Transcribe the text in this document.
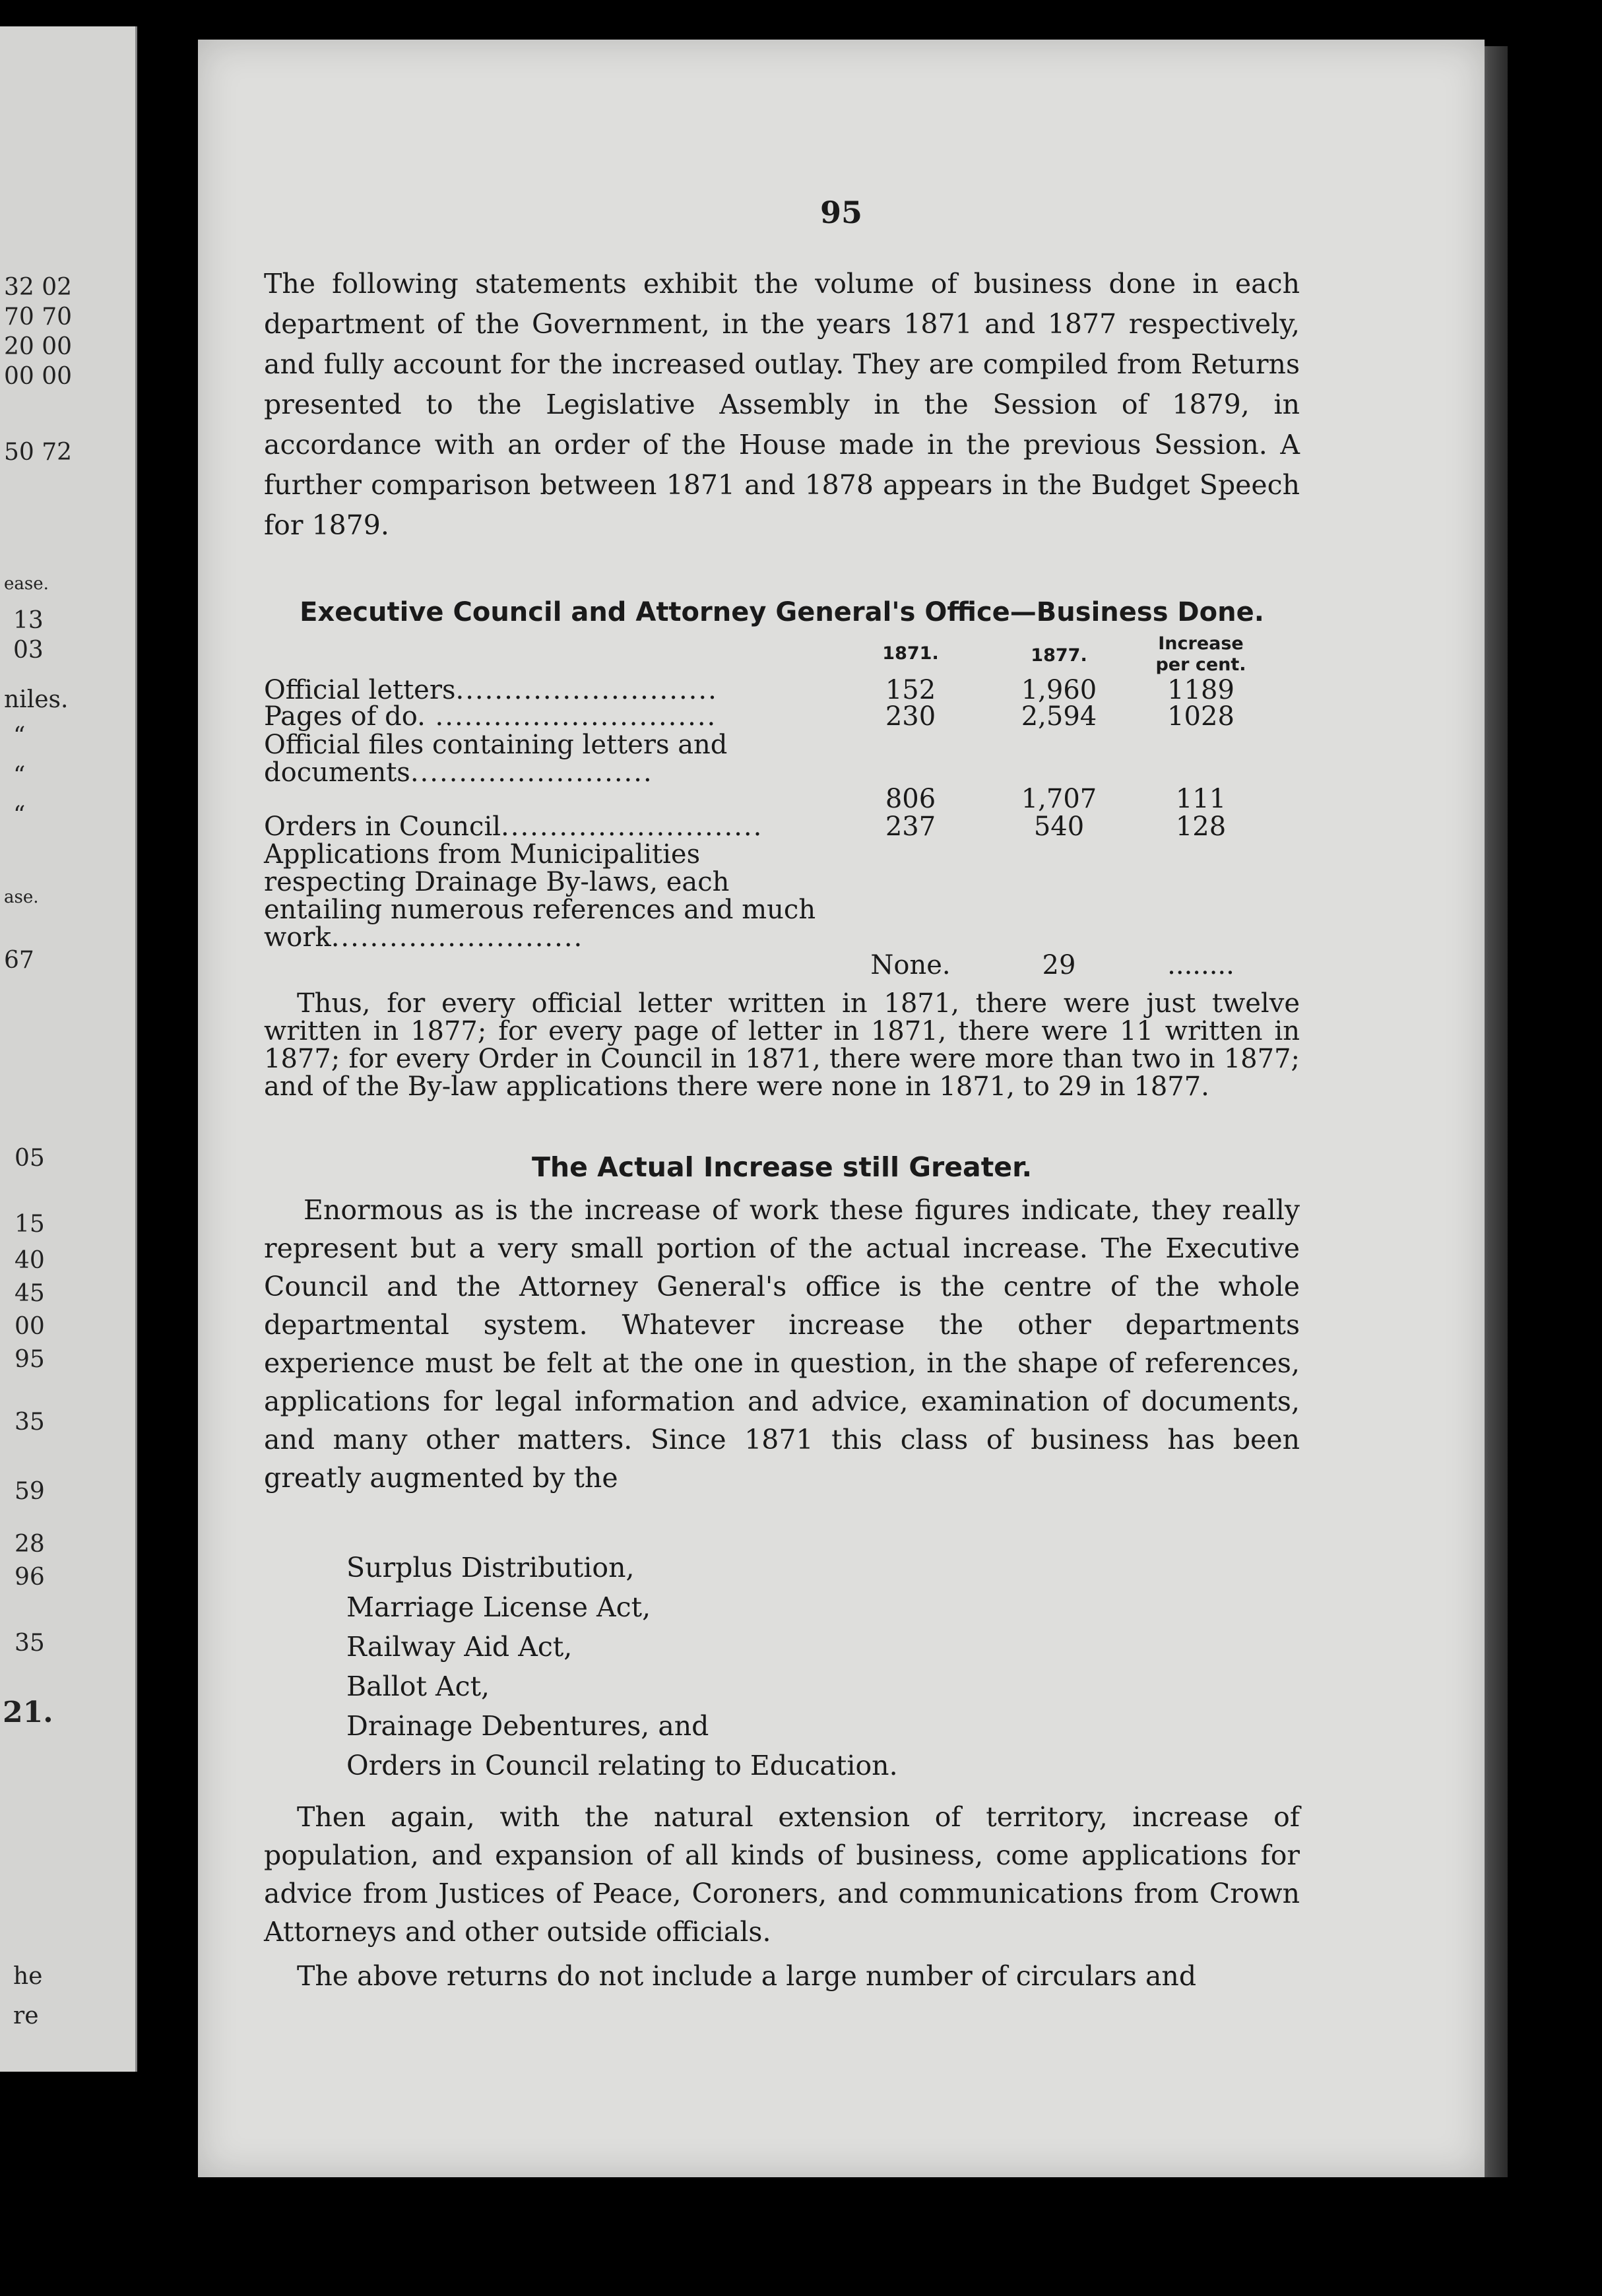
32 02
70 70
20 00
00 00
50 72
ease.
13
03
niles.
“
“
“
ase.
67
05
15
40
45
00
95
35
59
28
96
35
21.
he
re
95
The following statements exhibit the volume of business done in each department of the Government, in the years 1871 and 1877 respectively, and fully account for the increased outlay. They are compiled from Returns presented to the Legislative Assembly in the Session of 1879, in accordance with an order of the House made in the previous Session. A further comparison between 1871 and 1878 appears in the Budget Speech for 1879.
Executive Council and Attorney General's Office—Business Done.
1871.	1877.
Increase per cent.
Official letters...........................	152	1,960	1189
Pages of do. .............................	230	2,594	1028
Official files containing letters and documents.........................
806	1,707	111
Orders in Council...........................	237	540	128
Applications from Municipalities respecting Drainage By-laws, each entailing numerous references and much work..........................
None.	29	........
Thus, for every official letter written in 1871, there were just twelve written in 1877; for every page of letter in 1871, there were 11 written in 1877; for every Order in Council in 1871, there were more than two in 1877; and of the By-law applications there were none in 1871, to 29 in 1877.
The Actual Increase still Greater.
Enormous as is the increase of work these figures indicate, they really represent but a very small portion of the actual increase. The Executive Council and the Attorney General's office is the centre of the whole departmental system. Whatever increase the other departments experience must be felt at the one in question, in the shape of references, applications for legal information and advice, examination of documents, and many other matters. Since 1871 this class of business has been greatly augmented by the
Surplus Distribution,
Marriage License Act,
Railway Aid Act,
Ballot Act,
Drainage Debentures, and
Orders in Council relating to Education.
Then again, with the natural extension of territory, increase of population, and expansion of all kinds of business, come applications for advice from Justices of Peace, Coroners, and communications from Crown Attorneys and other outside officials.
The above returns do not include a large number of circulars and
